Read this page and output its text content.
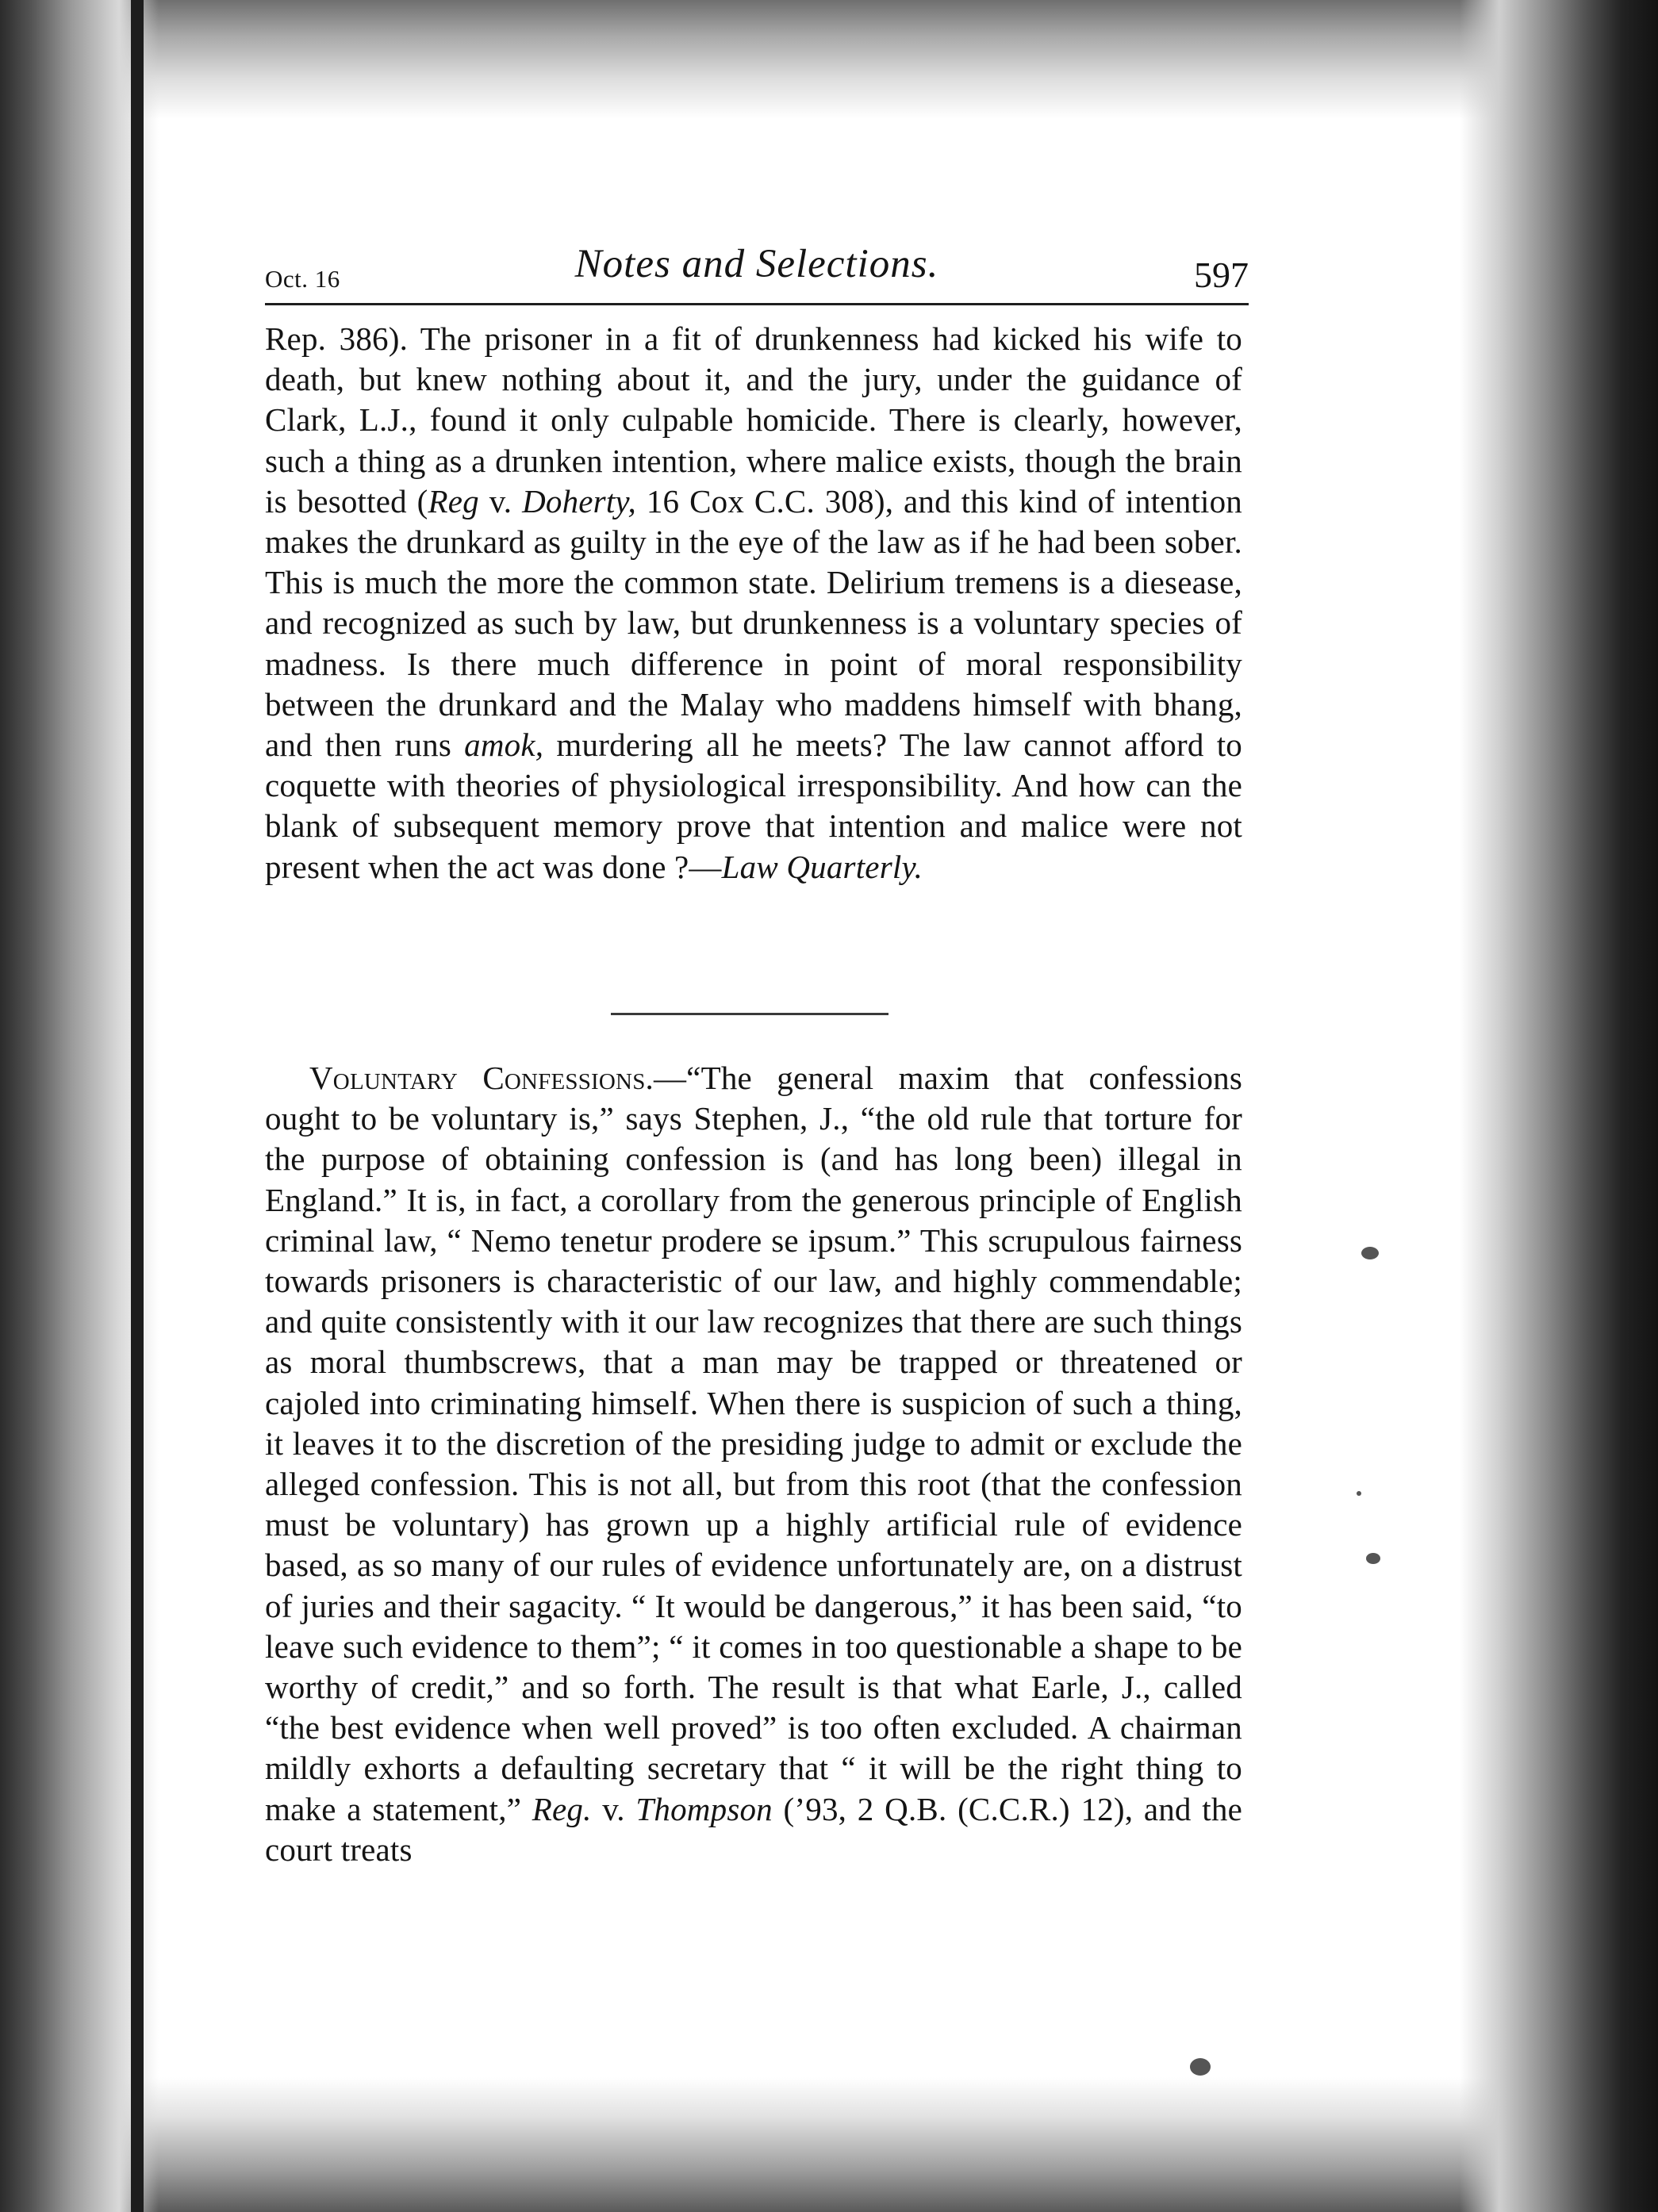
Oct. 16	Notes and Selections.	597

Rep. 386). The prisoner in a fit of drunkenness had kicked his wife to death, but knew nothing about it, and the jury, under the guidance of Clark, L.J., found it only culpable homicide. There is clearly, however, such a thing as a drunken intention, where malice exists, though the brain is besotted (Reg v. Doherty, 16 Cox C.C. 308), and this kind of intention makes the drunkard as guilty in the eye of the law as if he had been sober. This is much the more the common state. Delirium tremens is a diesease, and recognized as such by law, but drunkenness is a voluntary species of madness. Is there much difference in point of moral responsibility between the drunkard and the Malay who maddens himself with bhang, and then runs amok, murdering all he meets? The law cannot afford to coquette with theories of physiological irresponsibility. And how can the blank of subsequent memory prove that intention and malice were not present when the act was done ?—Law Quarterly.

Voluntary Confessions.—“The general maxim that confessions ought to be voluntary is,” says Stephen, J., “the old rule that torture for the purpose of obtaining confession is (and has long been) illegal in England.” It is, in fact, a corollary from the generous principle of English criminal law, “ Nemo tenetur prodere se ipsum.” This scrupulous fairness towards prisoners is characteristic of our law, and highly commendable; and quite consistently with it our law recognizes that there are such things as moral thumbscrews, that a man may be trapped or threatened or cajoled into criminating himself. When there is suspicion of such a thing, it leaves it to the discretion of the presiding judge to admit or exclude the alleged confession. This is not all, but from this root (that the confession must be voluntary) has grown up a highly artificial rule of evidence based, as so many of our rules of evidence unfortunately are, on a distrust of juries and their sagacity. “ It would be dangerous,” it has been said, “to leave such evidence to them”; “ it comes in too questionable a shape to be worthy of credit,” and so forth. The result is that what Earle, J., called “the best evidence when well proved” is too often excluded. A chairman mildly exhorts a defaulting secretary that “ it will be the right thing to make a statement,” Reg. v. Thompson (’93, 2 Q.B. (C.C.R.) 12), and the court treats
